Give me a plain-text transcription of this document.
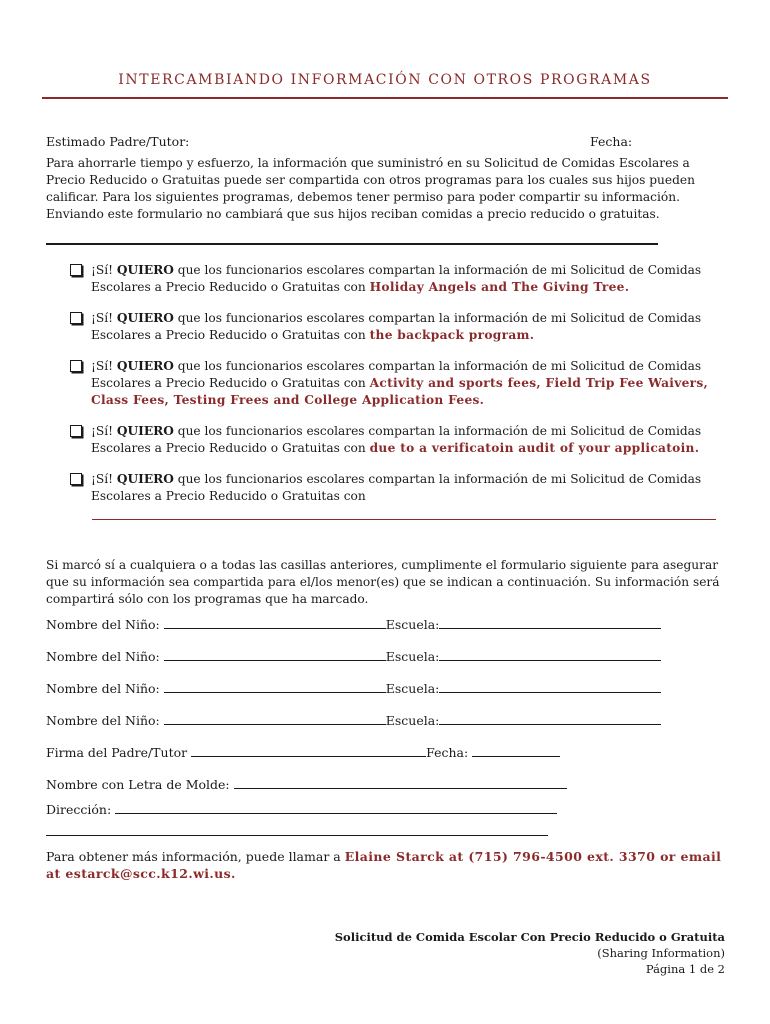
INTERCAMBIANDO INFORMACIÓN CON OTROS PROGRAMAS
Estimado Padre/Tutor:	Fecha:
Para ahorrarle tiempo y esfuerzo, la información que suministró en su Solicitud de Comidas Escolares a Precio Reducido o Gratuitas puede ser compartida con otros programas para los cuales sus hijos pueden calificar. Para los siguientes programas, debemos tener permiso para poder compartir su información. Enviando este formulario no cambiará que sus hijos reciban comidas a precio reducido o gratuitas.
¡Sí! QUIERO que los funcionarios escolares compartan la información de mi Solicitud de Comidas Escolares a Precio Reducido o Gratuitas con Holiday Angels and The Giving Tree.
¡Sí! QUIERO que los funcionarios escolares compartan la información de mi Solicitud de Comidas Escolares a Precio Reducido o Gratuitas con the backpack program.
¡Sí! QUIERO que los funcionarios escolares compartan la información de mi Solicitud de Comidas Escolares a Precio Reducido o Gratuitas con Activity and sports fees, Field Trip Fee Waivers, Class Fees, Testing Frees and College Application Fees.
¡Sí! QUIERO que los funcionarios escolares compartan la información de mi Solicitud de Comidas Escolares a Precio Reducido o Gratuitas con due to a verificatoin audit of your applicatoin.
¡Sí! QUIERO que los funcionarios escolares compartan la información de mi Solicitud de Comidas Escolares a Precio Reducido o Gratuitas con
Si marcó sí a cualquiera o a todas las casillas anteriores, cumplimente el formulario siguiente para asegurar que su información sea compartida para el/los menor(es) que se indican a continuación. Su información será compartirá sólo con los programas que ha marcado.
Nombre del Niño:	Escuela:
Nombre del Niño:	Escuela:
Nombre del Niño:	Escuela:
Nombre del Niño:	Escuela:
Firma del Padre/Tutor	Fecha:
Nombre con Letra de Molde:
Dirección:
Para obtener más información, puede llamar a Elaine Starck at (715) 796-4500 ext. 3370 or email at estarck@scc.k12.wi.us.
Solicitud de Comida Escolar Con Precio Reducido o Gratuita
(Sharing Information)
Página 1 de 2
